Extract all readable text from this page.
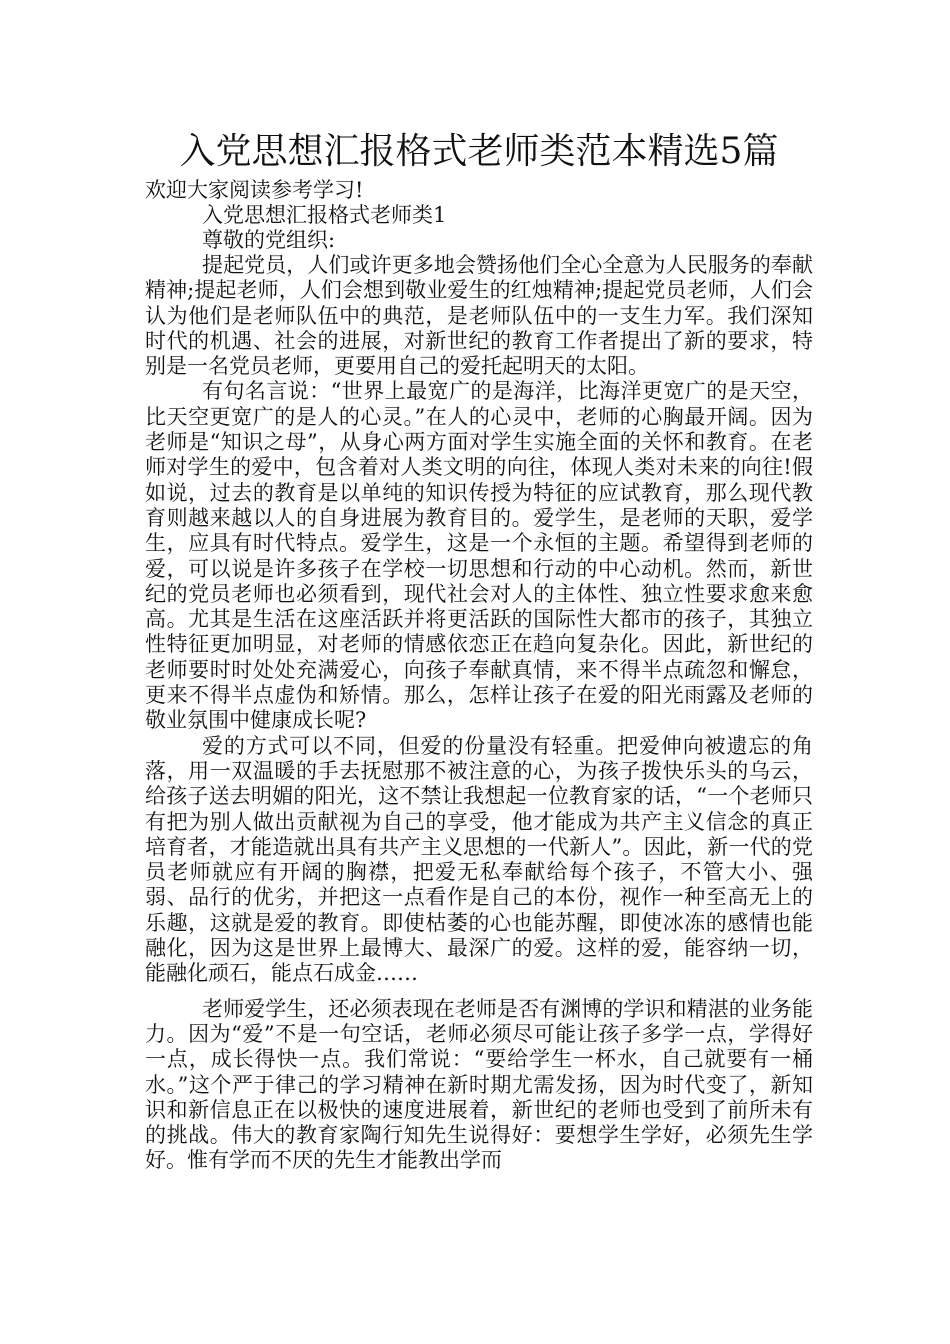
入党思想汇报格式老师类范本精选5篇

欢迎大家阅读参考学习!

入党思想汇报格式老师类1

尊敬的党组织:

提起党员，人们或许更多地会赞扬他们全心全意为人民服务的奉献精神;提起老师，人们会想到敬业爱生的红烛精神;提起党员老师，人们会认为他们是老师队伍中的典范，是老师队伍中的一支生力军。我们深知时代的机遇、社会的进展，对新世纪的教育工作者提出了新的要求，特别是一名党员老师，更要用自己的爱托起明天的太阳。

有句名言说：“世界上最宽广的是海洋，比海洋更宽广的是天空，比天空更宽广的是人的心灵。”在人的心灵中，老师的心胸最开阔。因为老师是“知识之母”，从身心两方面对学生实施全面的关怀和教育。在老师对学生的爱中，包含着对人类文明的向往，体现人类对未来的向往!假如说，过去的教育是以单纯的知识传授为特征的应试教育，那么现代教育则越来越以人的自身进展为教育目的。爱学生，是老师的天职，爱学生，应具有时代特点。爱学生，这是一个永恒的主题。希望得到老师的爱，可以说是许多孩子在学校一切思想和行动的中心动机。然而，新世纪的党员老师也必须看到，现代社会对人的主体性、独立性要求愈来愈高。尤其是生活在这座活跃并将更活跃的国际性大都市的孩子，其独立性特征更加明显，对老师的情感依恋正在趋向复杂化。因此，新世纪的老师要时时处处充满爱心，向孩子奉献真情，来不得半点疏忽和懈怠，更来不得半点虚伪和矫情。那么，怎样让孩子在爱的阳光雨露及老师的敬业氛围中健康成长呢?

爱的方式可以不同，但爱的份量没有轻重。把爱伸向被遗忘的角落，用一双温暖的手去抚慰那不被注意的心，为孩子拨快乐头的乌云，给孩子送去明媚的阳光，这不禁让我想起一位教育家的话，“一个老师只有把为别人做出贡献视为自己的享受，他才能成为共产主义信念的真正培育者，才能造就出具有共产主义思想的一代新人”。因此，新一代的党员老师就应有开阔的胸襟，把爱无私奉献给每个孩子，不管大小、强弱、品行的优劣，并把这一点看作是自己的本份，视作一种至高无上的乐趣，这就是爱的教育。即使枯萎的心也能苏醒，即使冰冻的感情也能融化，因为这是世界上最博大、最深广的爱。这样的爱，能容纳一切，能融化顽石，能点石成金……

老师爱学生，还必须表现在老师是否有渊博的学识和精湛的业务能力。因为“爱”不是一句空话，老师必须尽可能让孩子多学一点，学得好一点，成长得快一点。我们常说：“要给学生一杯水，自己就要有一桶水。”这个严于律己的学习精神在新时期尤需发扬，因为时代变了，新知识和新信息正在以极快的速度进展着，新世纪的老师也受到了前所未有的挑战。伟大的教育家陶行知先生说得好：要想学生学好，必须先生学好。惟有学而不厌的先生才能教出学而
